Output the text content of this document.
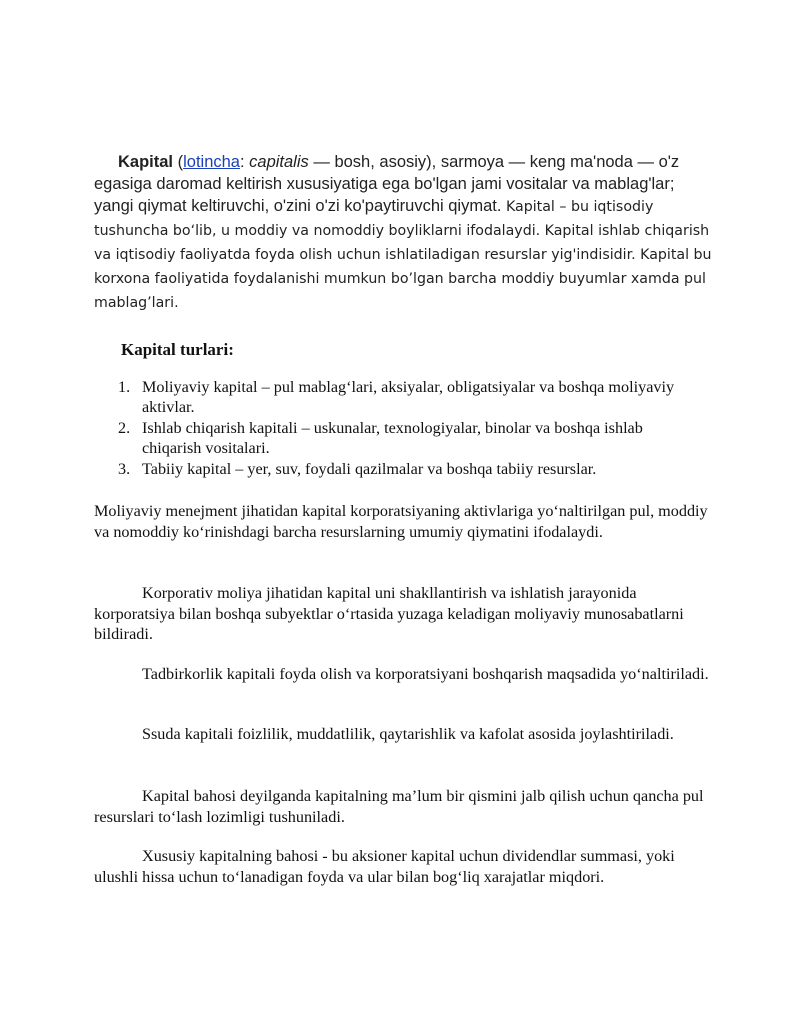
Kapital (lotincha: capitalis — bosh, asosiy), sarmoya — keng ma'noda — o'z egasiga daromad keltirish xususiyatiga ega bo'lgan jami vositalar va mablag'lar; yangi qiymat keltiruvchi, o'zini o'zi ko'paytiruvchi qiymat. Kapital – bu iqtisodiy tushuncha bo‘lib, u moddiy va nomoddiy boyliklarni ifodalaydi. Kapital ishlab chiqarish va iqtisodiy faoliyatda foyda olish uchun ishlatiladigan resurslar yig'indisidir. Kapital bu korxona faoliyatida foydalanishi mumkun bo’lgan barcha moddiy buyumlar xamda pul mablag’lari.
Kapital turlari:
1. Moliyaviy kapital – pul mablag‘lari, aksiyalar, obligatsiyalar va boshqa moliyaviy aktivlar.
2. Ishlab chiqarish kapitali – uskunalar, texnologiyalar, binolar va boshqa ishlab chiqarish vositalari.
3. Tabiiy kapital – yer, suv, foydali qazilmalar va boshqa tabiiy resurslar.

Moliyaviy menejment jihatidan kapital korporatsiyaning aktivlariga yo‘naltirilgan pul, moddiy va nomoddiy ko‘rinishdagi barcha resurslarning umumiy qiymatini ifodalaydi.

Korporativ moliya jihatidan kapital uni shakllantirish va ishlatish jarayonida korporatsiya bilan boshqa subyektlar o‘rtasida yuzaga keladigan moliyaviy munosabatlarni bildiradi.

Tadbirkorlik kapitali foyda olish va korporatsiyani boshqarish maqsadida yo‘naltiriladi.

Ssuda kapitali foizlilik, muddatlilik, qaytarishlik va kafolat asosida joylashtiriladi.

Kapital bahosi deyilganda kapitalning ma’lum bir qismini jalb qilish uchun qancha pul resurslari to‘lash lozimligi tushuniladi.

Xususiy kapitalning bahosi - bu aksioner kapital uchun dividendlar summasi, yoki ulushli hissa uchun to‘lanadigan foyda va ular bilan bog‘liq xarajatlar miqdori.
